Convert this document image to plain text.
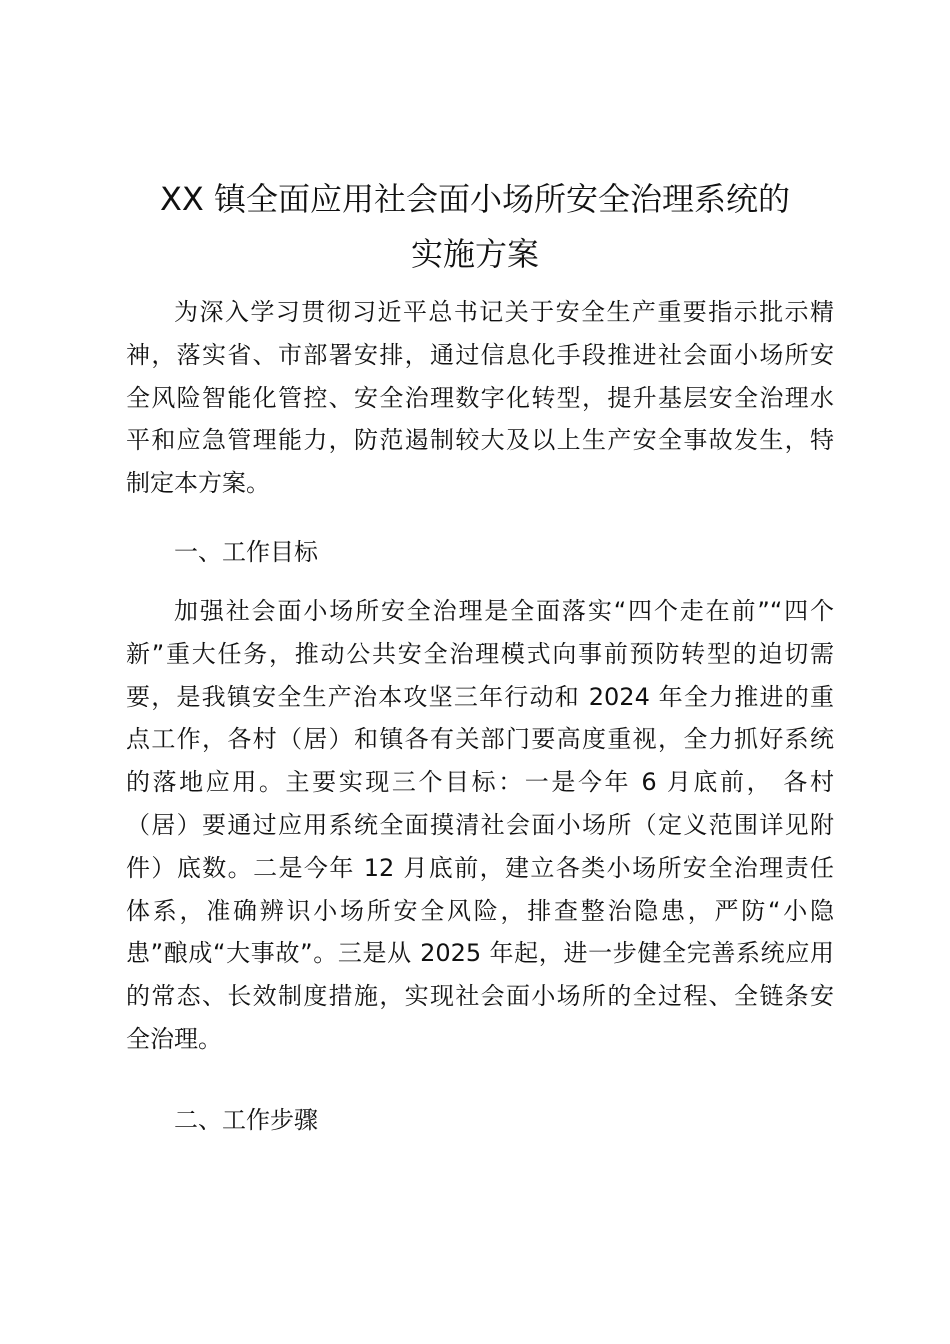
XX 镇全面应用社会面小场所安全治理系统的
实施方案
为深入学习贯彻习近平总书记关于安全生产重要指示批示精
神，落实省、市部署安排，通过信息化手段推进社会面小场所安
全风险智能化管控、安全治理数字化转型，提升基层安全治理水
平和应急管理能力，防范遏制较大及以上生产安全事故发生，特
制定本方案。
一、工作目标
加强社会面小场所安全治理是全面落实“四个走在前”“四个
新”重大任务，推动公共安全治理模式向事前预防转型的迫切需
要，是我镇安全生产治本攻坚三年行动和 2024 年全力推进的重
点工作，各村（居）和镇各有关部门要高度重视，全力抓好系统
的落地应用。主要实现三个目标：一是今年 6 月底前， 各村
（居）要通过应用系统全面摸清社会面小场所（定义范围详见附
件）底数。二是今年 12 月底前，建立各类小场所安全治理责任
体系，准确辨识小场所安全风险，排查整治隐患，严防“小隐
患”酿成“大事故”。三是从 2025 年起，进一步健全完善系统应用
的常态、长效制度措施，实现社会面小场所的全过程、全链条安
全治理。
二、工作步骤
